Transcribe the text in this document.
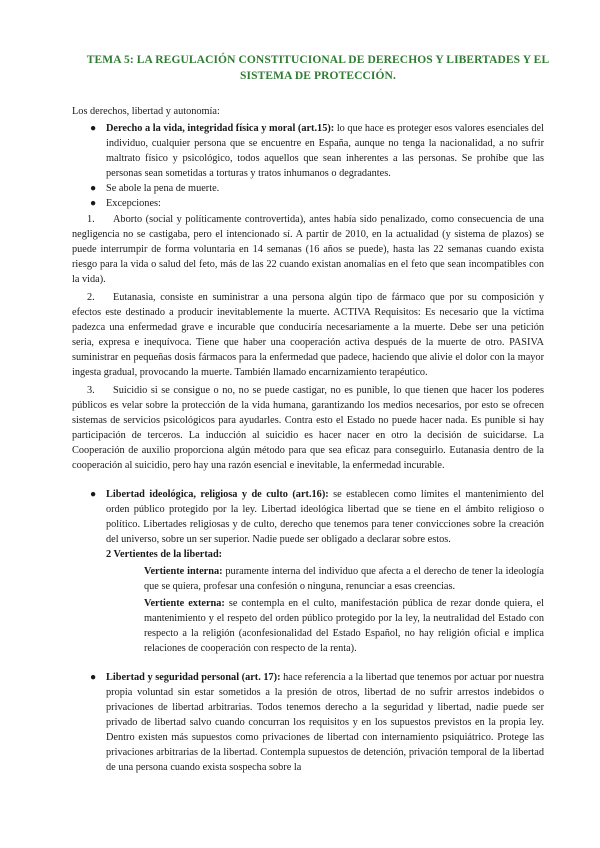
TEMA 5: LA REGULACIÓN CONSTITUCIONAL DE DERECHOS Y LIBERTADES Y EL SISTEMA DE PROTECCIÓN.
Los derechos, libertad y autonomía:
● Derecho a la vida, integridad física y moral (art.15): lo que hace es proteger esos valores esenciales del individuo, cualquier persona que se encuentre en España, aunque no tenga la nacionalidad, a no sufrir maltrato físico y psicológico, todos aquellos que sean inherentes a las personas. Se prohíbe que las personas sean sometidas a torturas y tratos inhumanos o degradantes.
● Se abole la pena de muerte.
● Excepciones:
1. Aborto (social y políticamente controvertida), antes había sido penalizado, como consecuencia de una negligencia no se castigaba, pero el intencionado sí. A partir de 2010, en la actualidad (y sistema de plazos) se puede interrumpir de forma voluntaria en 14 semanas (16 años se puede), hasta las 22 semanas cuando exista riesgo para la vida o salud del feto, más de las 22 cuando existan anomalías en el feto que sean incompatibles con la vida).
2. Eutanasia, consiste en suministrar a una persona algún tipo de fármaco que por su composición y efectos este destinado a producir inevitablemente la muerte. ACTIVA Requisitos: Es necesario que la víctima padezca una enfermedad grave e incurable que conduciría necesariamente a la muerte. Debe ser una petición seria, expresa e inequívoca. Tiene que haber una cooperación activa después de la muerte de otro. PASIVA suministrar en pequeñas dosis fármacos para la enfermedad que padece, haciendo que alivie el dolor con la mayor ingesta gradual, provocando la muerte. También llamado encarnizamiento terapéutico.
3. Suicidio si se consigue o no, no se puede castigar, no es punible, lo que tienen que hacer los poderes públicos es velar sobre la protección de la vida humana, garantizando los medios necesarios, por esto se ofrecen sistemas de servicios psicológicos para ayudarles. Contra esto el Estado no puede hacer nada. Es punible si hay participación de terceros. La inducción al suicidio es hacer nacer en otro la decisión de suicidarse. La Cooperación de auxilio proporciona algún método para que sea eficaz para conseguirlo. Eutanasia dentro de la cooperación al suicidio, pero hay una razón esencial e inevitable, la enfermedad incurable.
● Libertad ideológica, religiosa y de culto (art.16): se establecen como límites el mantenimiento del orden público protegido por la ley. Libertad ideológica libertad que se tiene en el ámbito religioso o político. Libertades religiosas y de culto, derecho que tenemos para tener convicciones sobre la creación del universo, sobre un ser superior. Nadie puede ser obligado a declarar sobre estos.
2 Vertientes de la libertad:
Vertiente interna: puramente interna del individuo que afecta a el derecho de tener la ideología que se quiera, profesar una confesión o ninguna, renunciar a esas creencias.
Vertiente externa: se contempla en el culto, manifestación pública de rezar donde quiera, el mantenimiento y el respeto del orden público protegido por la ley, la neutralidad del Estado con respecto a la religión (aconfesionalidad del Estado Español, no hay religión oficial e implica relaciones de cooperación con respecto de la renta).
● Libertad y seguridad personal (art. 17): hace referencia a la libertad que tenemos por actuar por nuestra propia voluntad sin estar sometidos a la presión de otros, libertad de no sufrir arrestos indebidos o privaciones de libertad arbitrarias. Todos tenemos derecho a la seguridad y libertad, nadie puede ser privado de libertad salvo cuando concurran los requisitos y en los supuestos previstos en la propia ley. Dentro existen más supuestos como privaciones de libertad con internamiento psiquiátrico. Protege las privaciones arbitrarias de la libertad. Contempla supuestos de detención, privación temporal de la libertad de una persona cuando exista sospecha sobre la
